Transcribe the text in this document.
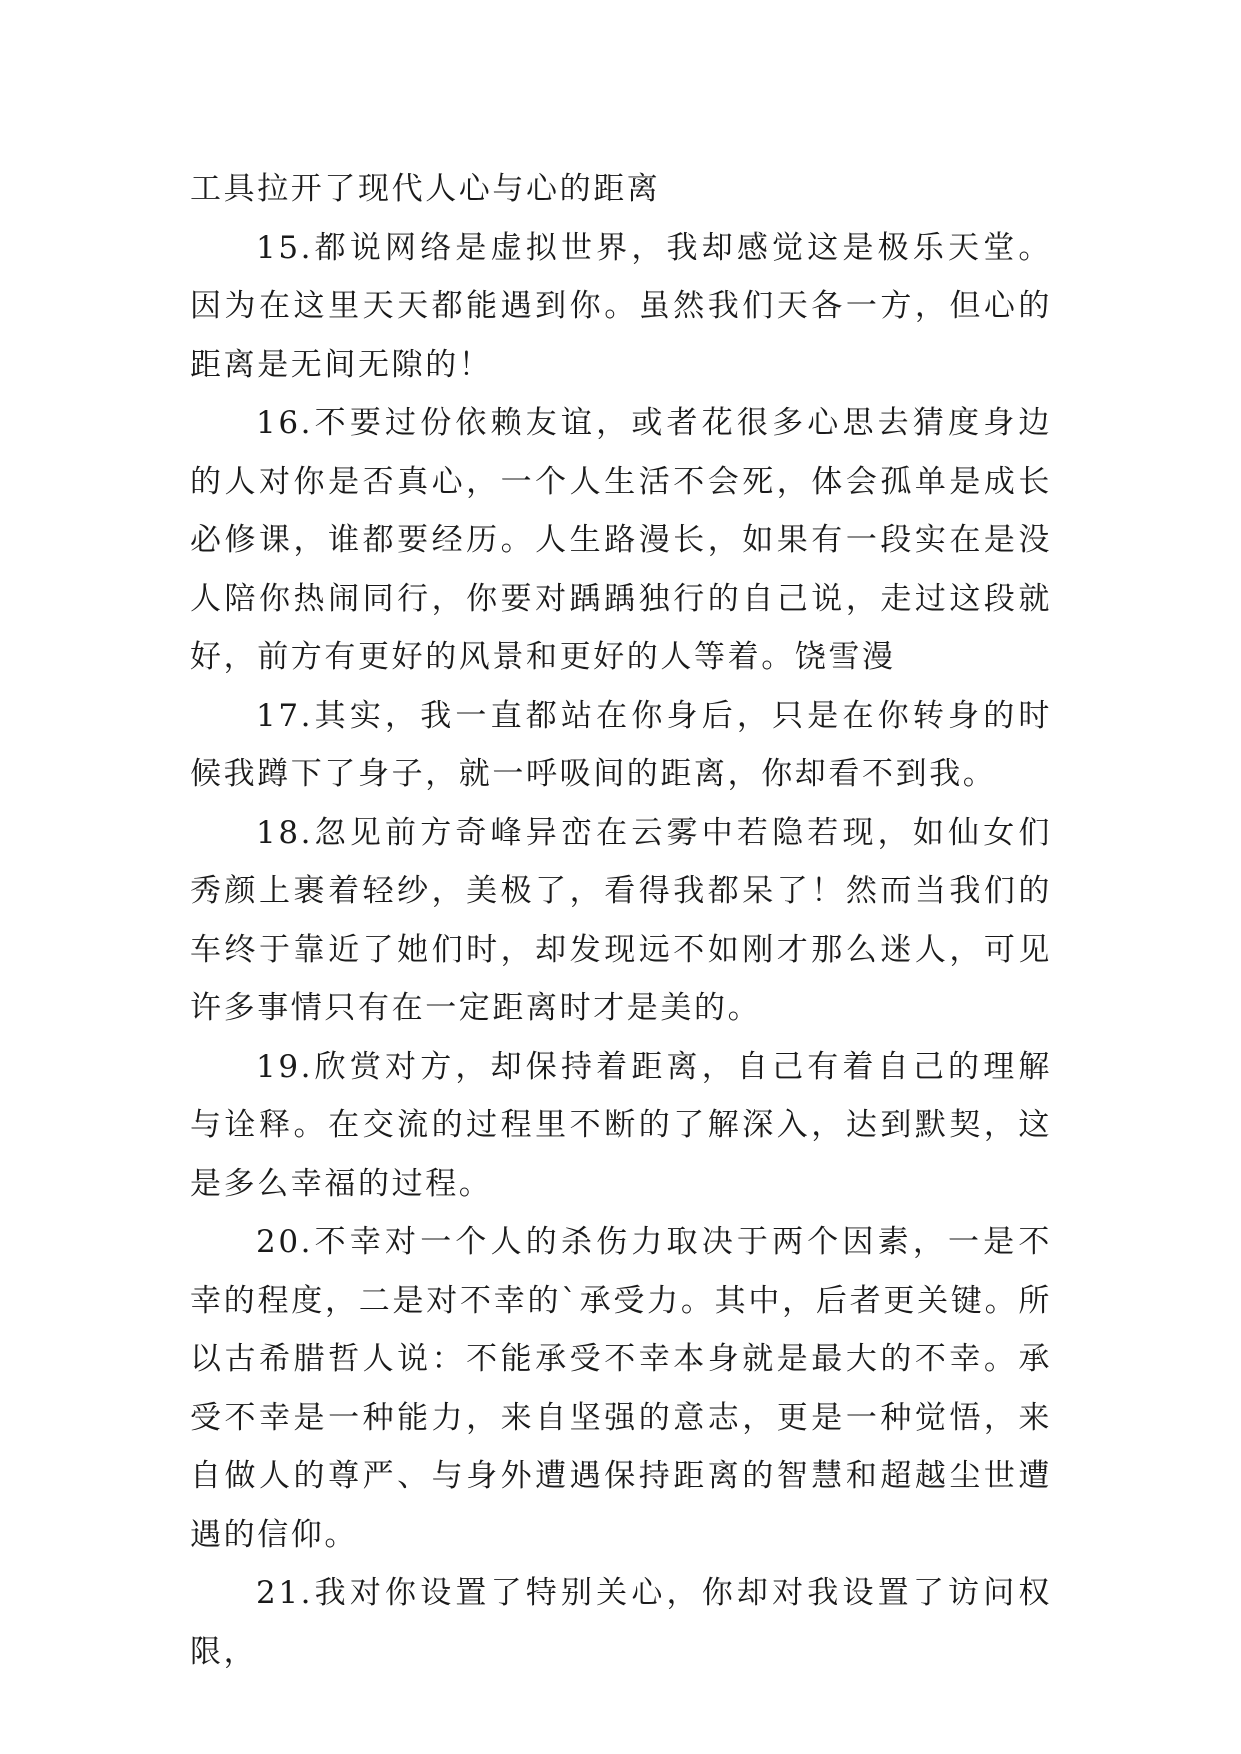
工具拉开了现代人心与心的距离

15.都说网络是虚拟世界，我却感觉这是极乐天堂。因为在这里天天都能遇到你。虽然我们天各一方，但心的距离是无间无隙的！

16.不要过份依赖友谊，或者花很多心思去猜度身边的人对你是否真心，一个人生活不会死，体会孤单是成长必修课，谁都要经历。人生路漫长，如果有一段实在是没人陪你热闹同行，你要对踽踽独行的自己说，走过这段就好，前方有更好的风景和更好的人等着。饶雪漫

17.其实，我一直都站在你身后，只是在你转身的时候我蹲下了身子，就一呼吸间的距离，你却看不到我。

18.忽见前方奇峰异峦在云雾中若隐若现，如仙女们秀颜上裹着轻纱，美极了，看得我都呆了！然而当我们的车终于靠近了她们时，却发现远不如刚才那么迷人，可见许多事情只有在一定距离时才是美的。

19.欣赏对方，却保持着距离，自己有着自己的理解与诠释。在交流的过程里不断的了解深入，达到默契，这是多么幸福的过程。

20.不幸对一个人的杀伤力取决于两个因素，一是不幸的程度，二是对不幸的`承受力。其中，后者更关键。所以古希腊哲人说：不能承受不幸本身就是最大的不幸。承受不幸是一种能力，来自坚强的意志，更是一种觉悟，来自做人的尊严、与身外遭遇保持距离的智慧和超越尘世遭遇的信仰。

21.我对你设置了特别关心，你却对我设置了访问权限，
